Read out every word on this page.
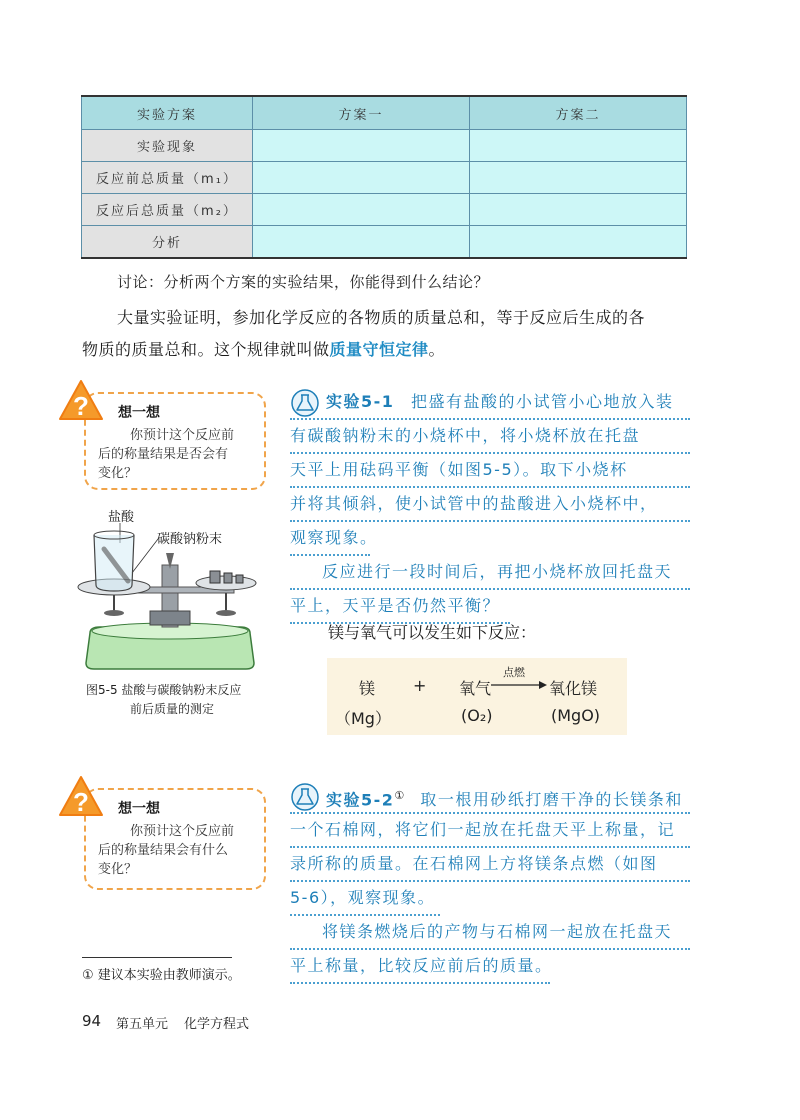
实验方案	方案一	方案二
实验现象		
反应前总质量（m₁）		
反应后总质量（m₂）		
分析		
讨论：分析两个方案的实验结果，你能得到什么结论？
大量实验证明，参加化学反应的各物质的质量总和，等于反应后生成的各
物质的质量总和。这个规律就叫做质量守恒定律。
? 想一想
你预计这个反应前
后的称量结果是否会有
变化？
盐酸
碳酸钠粉末
图5-5 盐酸与碳酸钠粉末反应
前后质量的测定
实验5-1 把盛有盐酸的小试管小心地放入装
有碳酸钠粉末的小烧杯中，将小烧杯放在托盘
天平上用砝码平衡（如图5-5）。取下小烧杯
并将其倾斜，使小试管中的盐酸进入小烧杯中，
观察现象。
反应进行一段时间后，再把小烧杯放回托盘天
平上，天平是否仍然平衡？
镁与氧气可以发生如下反应：
镁 + 氧气
点燃
→ 氧化镁
（Mg）	(O₂)	(MgO)
? 想一想
你预计这个反应前
后的称量结果会有什么
变化？
实验5-2① 取一根用砂纸打磨干净的长镁条和
一个石棉网，将它们一起放在托盘天平上称量，记
录所称的质量。在石棉网上方将镁条点燃（如图
5-6），观察现象。
将镁条燃烧后的产物与石棉网一起放在托盘天
平上称量，比较反应前后的质量。
① 建议本实验由教师演示。
94 第五单元 化学方程式
